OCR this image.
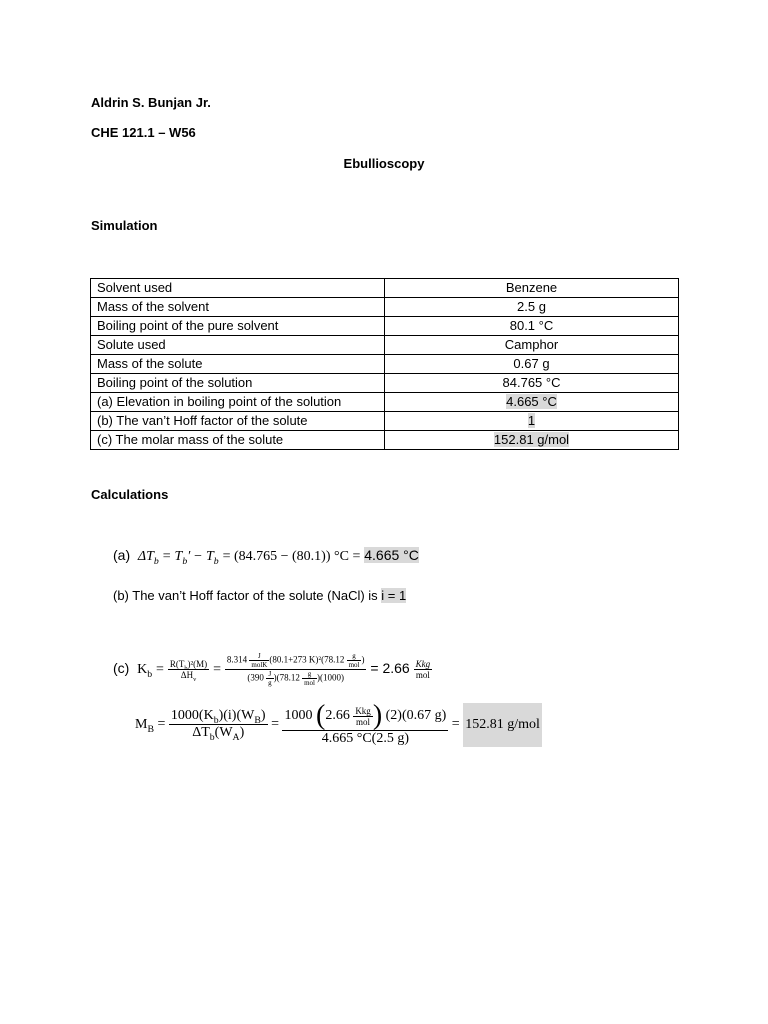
Aldrin S. Bunjan Jr.
CHE 121.1 – W56
Ebullioscopy
Simulation
Solvent used	Benzene
Mass of the solvent	2.5 g
Boiling point of the pure solvent	80.1 °C
Solute used	Camphor
Mass of the solute	0.67 g
Boiling point of the solution	84.765 °C
(a) Elevation in boiling point of the solution	4.665 °C
(b) The van’t Hoff factor of the solute	1
(c) The molar mass of the solute	152.81 g/mol
Calculations
(a) $\Delta T_b = T_b' - T_b = (84.765 - (80.1)) ^\circ C = 4.665$ °C
(b) The van’t Hoff factor of the solute (NaCl) is i = 1
(c) $K_b = \frac{R(T_b)^2(M)}{\Delta H_v} = \frac{8.314 \frac{J}{\text{molK}} (80.1+273 K)^2(78.12 \frac{g}{\text{mol}} )}{(390 \frac{J}{g} )(78.12 \frac{g}{\text{mol}} )(1000)} = 2.66 \frac{\text{Kkg}}{\text{mol}}$
$M_B = \frac{1000(K_b)(i)(W_B)}{\Delta T_b(W_A)} = \frac{1000 (2.66 \frac{\text{Kkg}}{\text{mol}} ) (2)(0.67 g)}{4.665 ^\circ C(2.5 g)} = 152.81$ g/mol
